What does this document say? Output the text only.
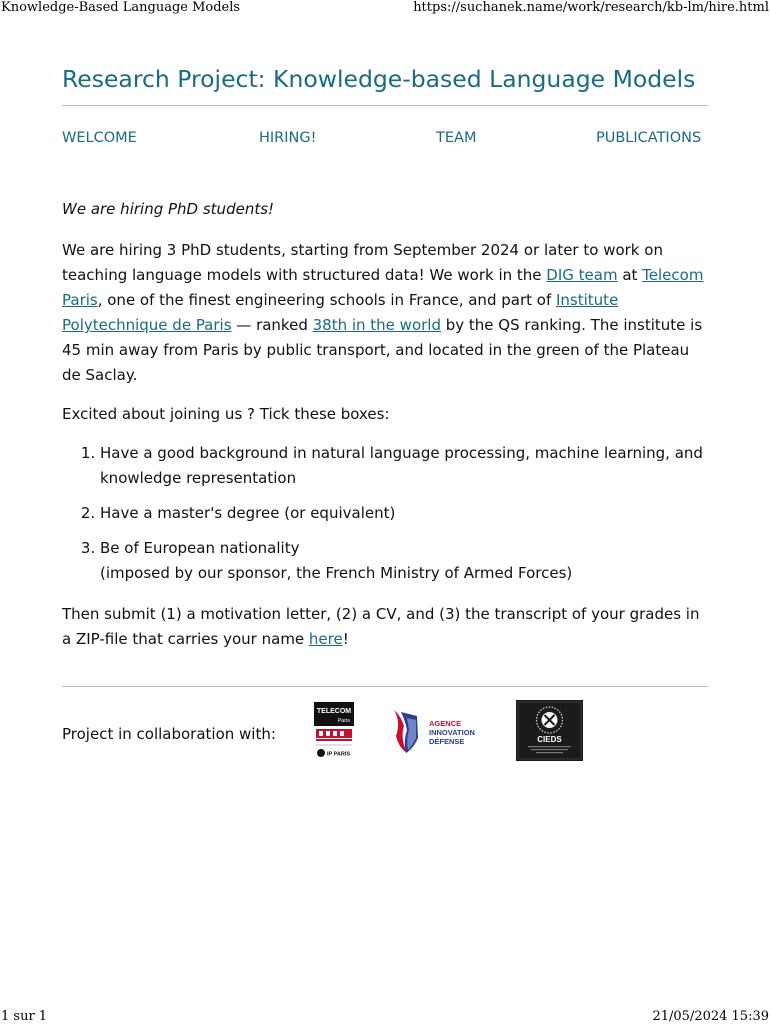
Knowledge-Based Language Models	https://suchanek.name/work/research/kb-lm/hire.html
Research Project: Knowledge-based Language Models
WELCOME	HIRING!	TEAM	PUBLICATIONS

We are hiring PhD students!

We are hiring 3 PhD students, starting from September 2024 or later to work on teaching language models with structured data! We work in the DIG team at Telecom Paris, one of the finest engineering schools in France, and part of Institute Polytechnique de Paris — ranked 38th in the world by the QS ranking. The institute is 45 min away from Paris by public transport, and located in the green of the Plateau de Saclay.

Excited about joining us ? Tick these boxes:

1. Have a good background in natural language processing, machine learning, and knowledge representation
2. Have a master's degree (or equivalent)
3. Be of European nationality
(imposed by our sponsor, the French Ministry of Armed Forces)

Then submit (1) a motivation letter, (2) a CV, and (3) the transcript of your grades in a ZIP-file that carries your name here!

Project in collaboration with:
TELECOM
Paris
IP PARIS
AGENCE
INNOVATION
DÉFENSE	CIEDS
1 sur 1	21/05/2024 15:39
